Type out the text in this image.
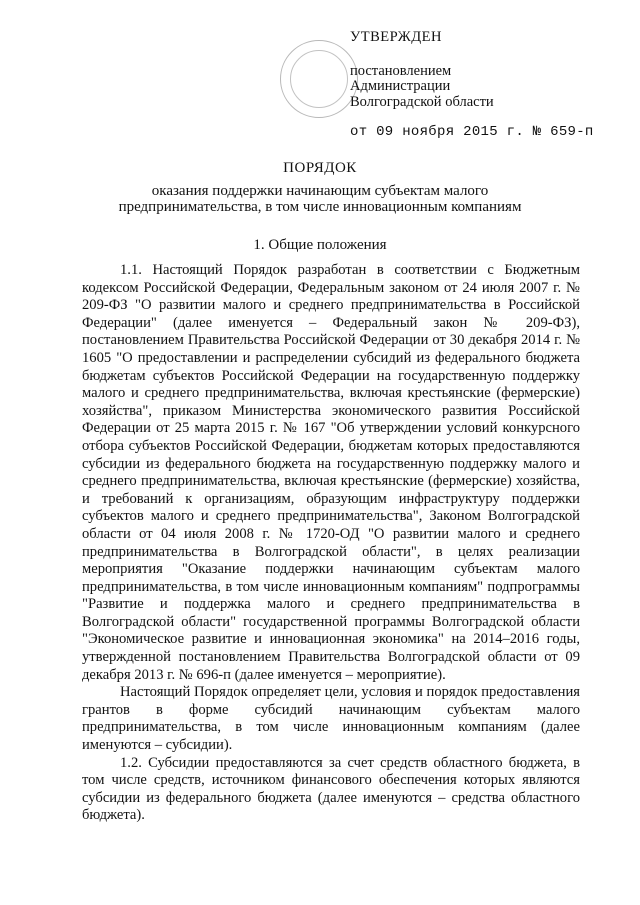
УТВЕРЖДЕН
постановлением
Администрации
Волгоградской области
от 09 ноября 2015 г. № 659-п
ПОРЯДОК
оказания поддержки начинающим субъектам малого
предпринимательства, в том числе инновационным компаниям
1. Общие положения

1.1. Настоящий Порядок разработан в соответствии с Бюджетным кодексом Российской Федерации, Федеральным законом от 24 июля 2007 г. № 209-ФЗ "О развитии малого и среднего предпринимательства в Российской Федерации" (далее именуется – Федеральный закон № 209-ФЗ), постановлением Правительства Российской Федерации от 30 декабря 2014 г. № 1605 "О предоставлении и распределении субсидий из федерального бюджета бюджетам субъектов Российской Федерации на государственную поддержку малого и среднего предпринимательства, включая крестьянские (фермерские) хозяйства", приказом Министерства экономического развития Российской Федерации от 25 марта 2015 г. № 167 "Об утверждении условий конкурсного отбора субъектов Российской Федерации, бюджетам которых предоставляются субсидии из федерального бюджета на государственную поддержку малого и среднего предпринимательства, включая крестьянские (фермерские) хозяйства, и требований к организациям, образующим инфраструктуру поддержки субъектов малого и среднего предпринимательства", Законом Волгоградской области от 04 июля 2008 г. № 1720-ОД "О развитии малого и среднего предпринимательства в Волгоградской области", в целях реализации мероприятия "Оказание поддержки начинающим субъектам малого предпринимательства, в том числе инновационным компаниям" подпрограммы "Развитие и поддержка малого и среднего предпринимательства в Волгоградской области" государственной программы Волгоградской области "Экономическое развитие и инновационная экономика" на 2014–2016 годы, утвержденной постановлением Правительства Волгоградской области от 09 декабря 2013 г. № 696-п (далее именуется – мероприятие).

Настоящий Порядок определяет цели, условия и порядок предоставления грантов в форме субсидий начинающим субъектам малого предпринимательства, в том числе инновационным компаниям (далее именуются – субсидии).

1.2. Субсидии предоставляются за счет средств областного бюджета, в том числе средств, источником финансового обеспечения которых являются субсидии из федерального бюджета (далее именуются – средства областного бюджета).
